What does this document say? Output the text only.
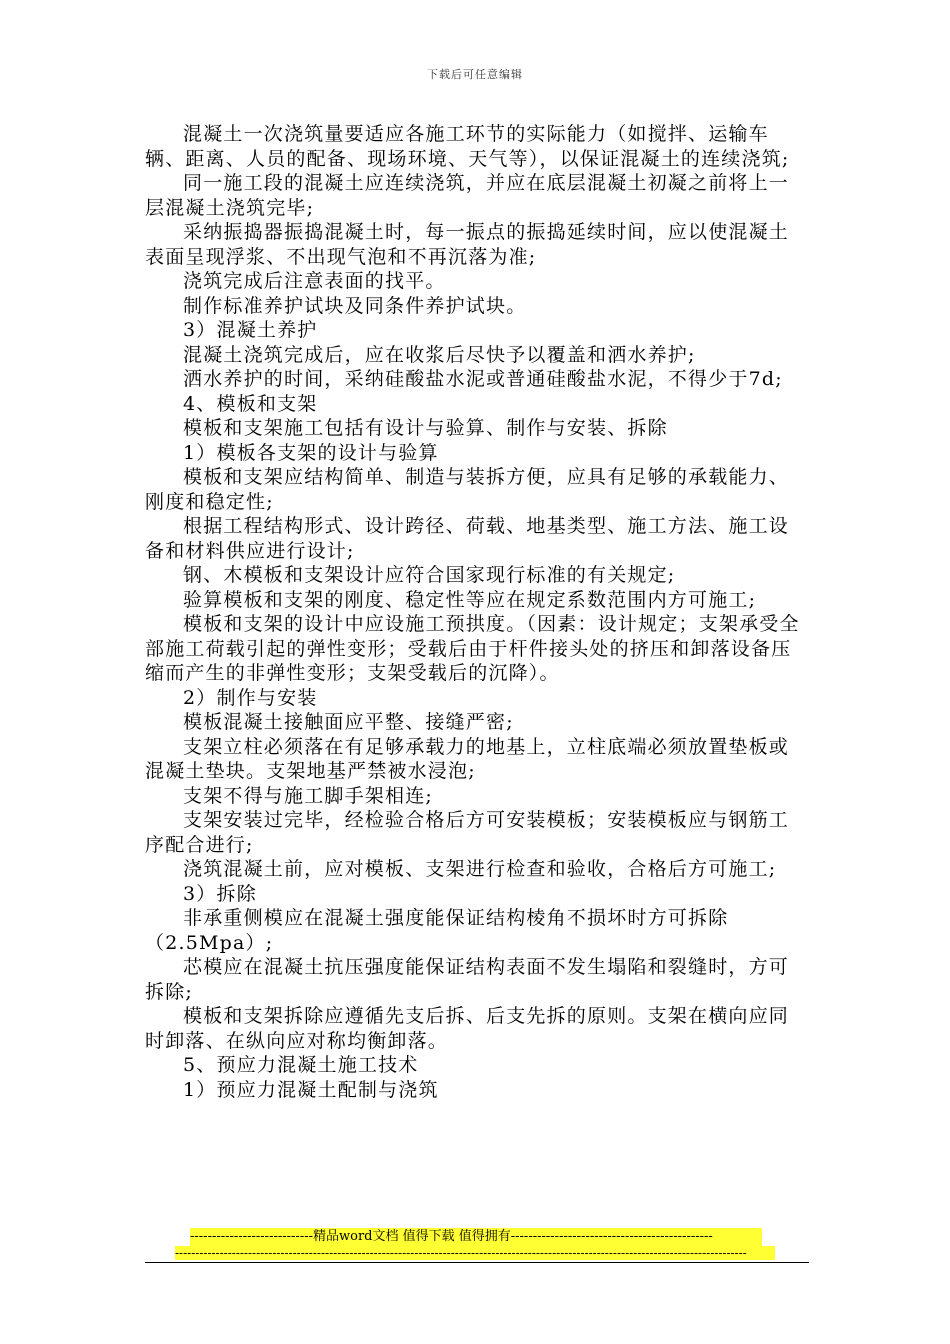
下载后可任意编辑

混凝土一次浇筑量要适应各施工环节的实际能力（如搅拌、运输车辆、距离、人员的配备、现场环境、天气等），以保证混凝土的连续浇筑;

同一施工段的混凝土应连续浇筑，并应在底层混凝土初凝之前将上一层混凝土浇筑完毕;

采纳振捣器振捣混凝土时，每一振点的振捣延续时间，应以使混凝土表面呈现浮浆、不出现气泡和不再沉落为准;

浇筑完成后注意表面的找平。

制作标准养护试块及同条件养护试块。

3）混凝土养护

混凝土浇筑完成后，应在收浆后尽快予以覆盖和洒水养护;

洒水养护的时间，采纳硅酸盐水泥或普通硅酸盐水泥，不得少于7d;

4、模板和支架

模板和支架施工包括有设计与验算、制作与安装、拆除

1）模板各支架的设计与验算

模板和支架应结构简单、制造与装拆方便，应具有足够的承载能力、刚度和稳定性;

根据工程结构形式、设计跨径、荷载、地基类型、施工方法、施工设备和材料供应进行设计;

钢、木模板和支架设计应符合国家现行标准的有关规定;

验算模板和支架的刚度、稳定性等应在规定系数范围内方可施工;

模板和支架的设计中应设施工预拱度。（因素：设计规定；支架承受全部施工荷载引起的弹性变形；受载后由于杆件接头处的挤压和卸落设备压缩而产生的非弹性变形；支架受载后的沉降）。

2）制作与安装

模板混凝土接触面应平整、接缝严密;

支架立柱必须落在有足够承载力的地基上，立柱底端必须放置垫板或混凝土垫块。支架地基严禁被水浸泡;

支架不得与施工脚手架相连;

支架安装过完毕，经检验合格后方可安装模板；安装模板应与钢筋工序配合进行;

浇筑混凝土前，应对模板、支架进行检查和验收，合格后方可施工;

3）拆除

非承重侧模应在混凝土强度能保证结构棱角不损坏时方可拆除（2.5Mpa）;

芯模应在混凝土抗压强度能保证结构表面不发生塌陷和裂缝时，方可拆除;

模板和支架拆除应遵循先支后拆、后支先拆的原则。支架在横向应同时卸落、在纵向应对称均衡卸落。

5、预应力混凝土施工技术

1）预应力混凝土配制与浇筑

----------------------------精品word文档 值得下载 值得拥有----------------------------------------------
---------------------------------------------------------------------------------------------------------------------------------------------
